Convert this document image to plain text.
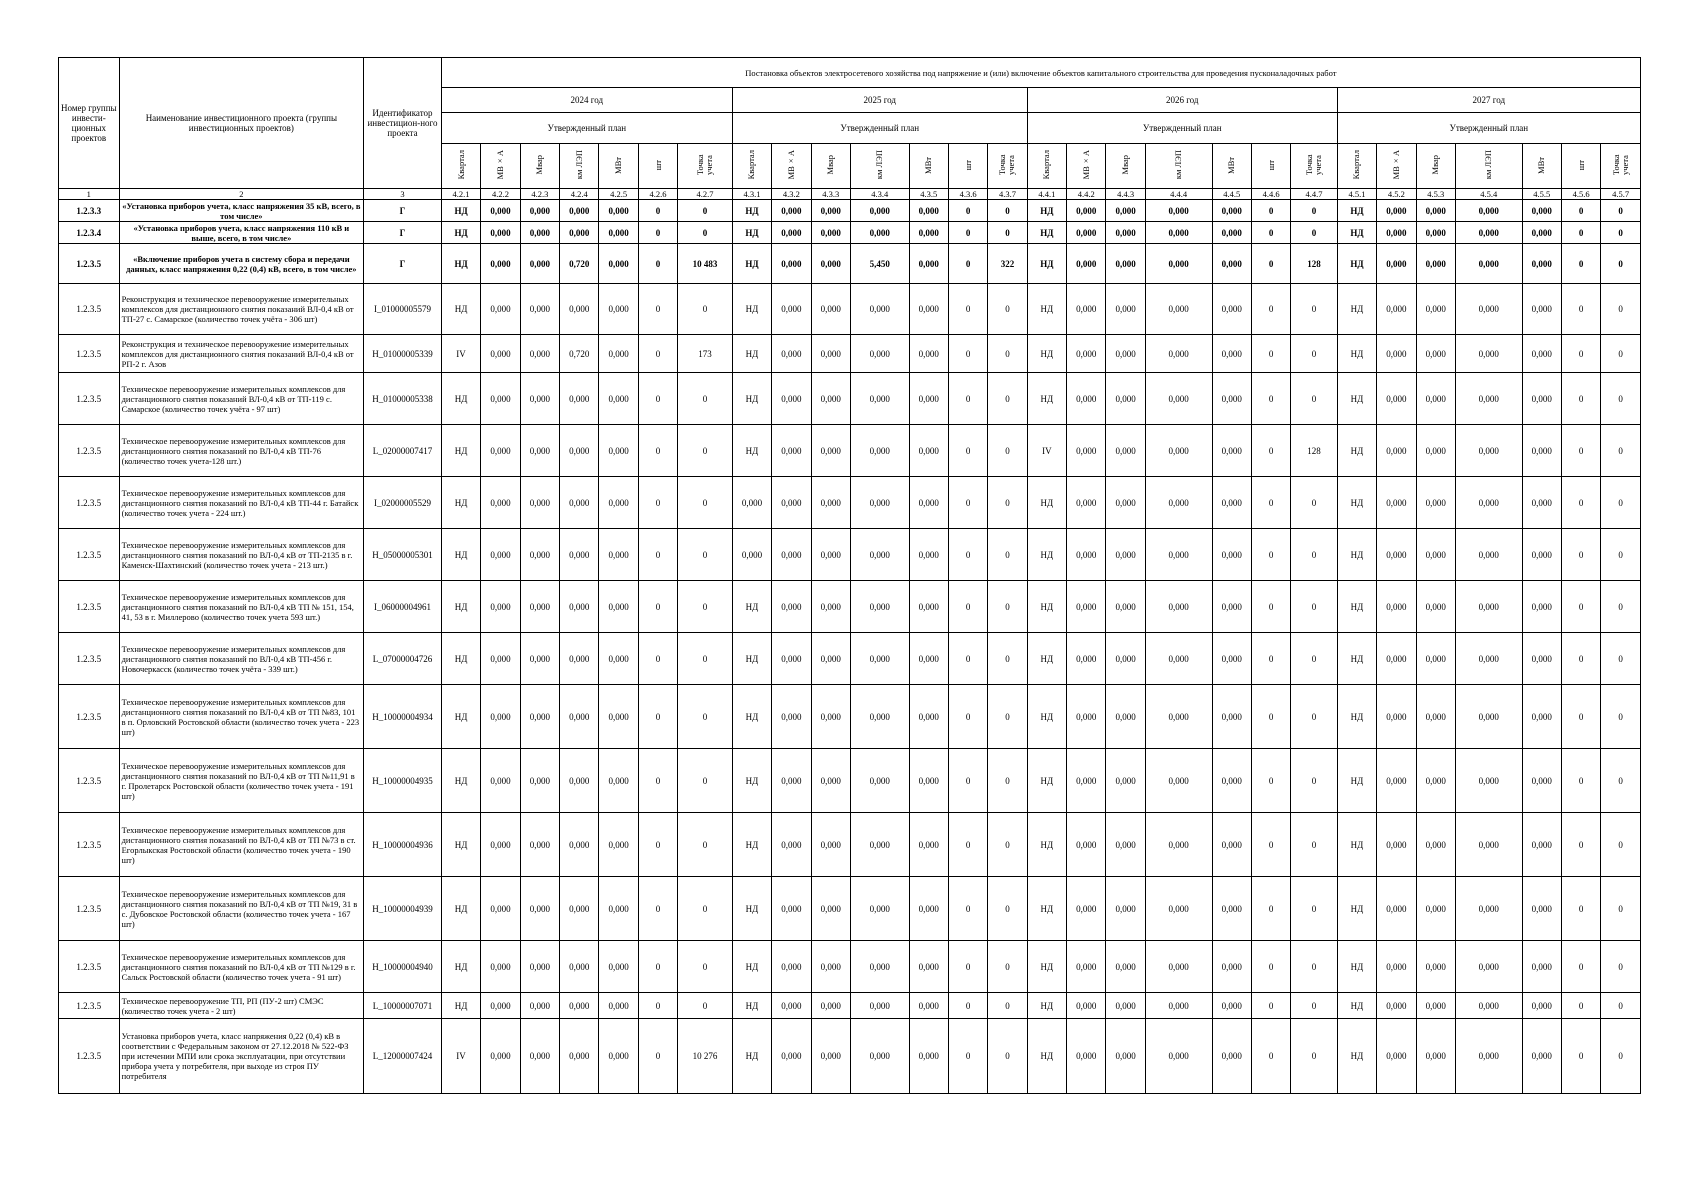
Номер группы инвести-ционных проектов	Наименование инвестиционного проекта (группы инвестиционных проектов)	Идентификатор инвестицион-ного проекта	Постановка объектов электросетевого хозяйства под напряжение и (или) включение объектов капитального строительства для проведения пусконаладочных работ																											
			2024 год							2025 год							2026 год							2027 год						
			Утвержденный план							Утвержденный план							Утвержденный план							Утвержденный план						
			Квартал	МВ×А	Мвар	км ЛЭП	МВт	шт	Точка учета	Квартал	МВ×А	Мвар	км ЛЭП	МВт	шт	Точка учета	Квартал	МВ×А	Мвар	км ЛЭП	МВт	шт	Точка учета	Квартал	МВ×А	Мвар	км ЛЭП	МВт	шт	Точка учета
1	2	3	4.2.1	4.2.2	4.2.3	4.2.4	4.2.5	4.2.6	4.2.7	4.3.1	4.3.2	4.3.3	4.3.4	4.3.5	4.3.6	4.3.7	4.4.1	4.4.2	4.4.3	4.4.4	4.4.5	4.4.6	4.4.7	4.5.1	4.5.2	4.5.3	4.5.4	4.5.5	4.5.6	4.5.7
1.2.3.3	«Установка приборов учета, класс напряжения 35 кВ, всего, в том числе»	Г	НД	0,000	0,000	0,000	0,000	0	0	НД	0,000	0,000	0,000	0,000	0	0	НД	0,000	0,000	0,000	0,000	0	0	НД	0,000	0,000	0,000	0,000	0	0
1.2.3.4	«Установка приборов учета, класс напряжения 110 кВ и выше, всего, в том числе»	Г	НД	0,000	0,000	0,000	0,000	0	0	НД	0,000	0,000	0,000	0,000	0	0	НД	0,000	0,000	0,000	0,000	0	0	НД	0,000	0,000	0,000	0,000	0	0
1.2.3.5	«Включение приборов учета в систему сбора и передачи данных, класс напряжения 0,22 (0,4) кВ, всего, в том числе»	Г	НД	0,000	0,000	0,720	0,000	0	10 483	НД	0,000	0,000	5,450	0,000	0	322	НД	0,000	0,000	0,000	0,000	0	128	НД	0,000	0,000	0,000	0,000	0	0
1.2.3.5	Реконструкция и техническое перевооружение измерительных комплексов для дистанционного снятия показаний ВЛ-0,4 кВ от ТП-27 с. Самарское (количество точек учёта - 306 шт)	I_01000005579	НД	0,000	0,000	0,000	0,000	0	0	НД	0,000	0,000	0,000	0,000	0	0	НД	0,000	0,000	0,000	0,000	0	0	НД	0,000	0,000	0,000	0,000	0	0
1.2.3.5	Реконструкция и техническое перевооружение измерительных комплексов для дистанционного снятия показаний ВЛ-0,4 кВ от РП-2 г. Азов	H_01000005339	IV	0,000	0,000	0,720	0,000	0	173	НД	0,000	0,000	0,000	0,000	0	0	НД	0,000	0,000	0,000	0,000	0	0	НД	0,000	0,000	0,000	0,000	0	0
1.2.3.5	Техническое перевооружение измерительных комплексов для дистанционного снятия показаний ВЛ-0,4 кВ от ТП-119 с. Самарское (количество точек учёта - 97 шт)	H_01000005338	НД	0,000	0,000	0,000	0,000	0	0	НД	0,000	0,000	0,000	0,000	0	0	НД	0,000	0,000	0,000	0,000	0	0	НД	0,000	0,000	0,000	0,000	0	0
1.2.3.5	Техническое перевооружение измерительных комплексов для дистанционного снятия показаний по ВЛ-0,4 кВ ТП-76 (количество точек учета-128 шт.)	L_02000007417	НД	0,000	0,000	0,000	0,000	0	0	НД	0,000	0,000	0,000	0,000	0	0	IV	0,000	0,000	0,000	0,000	0	128	НД	0,000	0,000	0,000	0,000	0	0
1.2.3.5	Техническое перевооружение измерительных комплексов для дистанционного снятия показаний по ВЛ-0,4 кВ ТП-44 г. Батайск (количество точек учета - 224 шт.)	I_02000005529	НД	0,000	0,000	0,000	0,000	0	0	0,000	0,000	0,000	0,000	0,000	0	0	НД	0,000	0,000	0,000	0,000	0	0	НД	0,000	0,000	0,000	0,000	0	0
1.2.3.5	Техническое перевооружение измерительных комплексов для дистанционного снятия показаний по ВЛ-0,4 кВ от ТП-2135 в г. Каменск-Шахтинский (количество точек учета - 213 шт.)	H_05000005301	НД	0,000	0,000	0,000	0,000	0	0	0,000	0,000	0,000	0,000	0,000	0	0	НД	0,000	0,000	0,000	0,000	0	0	НД	0,000	0,000	0,000	0,000	0	0
1.2.3.5	Техническое перевооружение измерительных комплексов для дистанционного снятия показаний по ВЛ-0,4 кВ ТП № 151, 154, 41, 53 в г. Миллерово (количество точек учета 593 шт.)	I_06000004961	НД	0,000	0,000	0,000	0,000	0	0	НД	0,000	0,000	0,000	0,000	0	0	НД	0,000	0,000	0,000	0,000	0	0	НД	0,000	0,000	0,000	0,000	0	0
1.2.3.5	Техническое перевооружение измерительных комплексов для дистанционного снятия показаний по ВЛ-0,4 кВ ТП-456 г. Новочеркасск (количество точек учёта - 339 шт.)	L_07000004726	НД	0,000	0,000	0,000	0,000	0	0	НД	0,000	0,000	0,000	0,000	0	0	НД	0,000	0,000	0,000	0,000	0	0	НД	0,000	0,000	0,000	0,000	0	0
1.2.3.5	Техническое перевооружение измерительных комплексов для дистанционного снятия показаний по ВЛ-0,4 кВ от ТП №83, 101 в п. Орловский Ростовской области (количество точек учета - 223 шт)	H_10000004934	НД	0,000	0,000	0,000	0,000	0	0	НД	0,000	0,000	0,000	0,000	0	0	НД	0,000	0,000	0,000	0,000	0	0	НД	0,000	0,000	0,000	0,000	0	0
1.2.3.5	Техническое перевооружение измерительных комплексов для дистанционного снятия показаний по ВЛ-0,4 кВ от ТП №11,91 в г. Пролетарск Ростовской области (количество точек учета - 191 шт)	H_10000004935	НД	0,000	0,000	0,000	0,000	0	0	НД	0,000	0,000	0,000	0,000	0	0	НД	0,000	0,000	0,000	0,000	0	0	НД	0,000	0,000	0,000	0,000	0	0
1.2.3.5	Техническое перевооружение измерительных комплексов для дистанционного снятия показаний по ВЛ-0,4 кВ от ТП №73 в ст. Егорлыкская Ростовской области (количество точек учета - 190 шт)	H_10000004936	НД	0,000	0,000	0,000	0,000	0	0	НД	0,000	0,000	0,000	0,000	0	0	НД	0,000	0,000	0,000	0,000	0	0	НД	0,000	0,000	0,000	0,000	0	0
1.2.3.5	Техническое перевооружение измерительных комплексов для дистанционного снятия показаний по ВЛ-0,4 кВ от ТП №19, 31 в с. Дубовское Ростовской области (количество точек учета - 167 шт)	H_10000004939	НД	0,000	0,000	0,000	0,000	0	0	НД	0,000	0,000	0,000	0,000	0	0	НД	0,000	0,000	0,000	0,000	0	0	НД	0,000	0,000	0,000	0,000	0	0
1.2.3.5	Техническое перевооружение измерительных комплексов для дистанционного снятия показаний по ВЛ-0,4 кВ от ТП №129 в г. Сальск Ростовской области (количество точек учета - 91 шт)	H_10000004940	НД	0,000	0,000	0,000	0,000	0	0	НД	0,000	0,000	0,000	0,000	0	0	НД	0,000	0,000	0,000	0,000	0	0	НД	0,000	0,000	0,000	0,000	0	0
1.2.3.5	Техническое перевооружение ТП, РП (ПУ-2 шт) СМЭС (количество точек учета - 2 шт)	L_10000007071	НД	0,000	0,000	0,000	0,000	0	0	НД	0,000	0,000	0,000	0,000	0	0	НД	0,000	0,000	0,000	0,000	0	0	НД	0,000	0,000	0,000	0,000	0	0
1.2.3.5	Установка приборов учета, класс напряжения 0,22 (0,4) кВ в соответствии с Федеральным законом от 27.12.2018 № 522-ФЗ при истечении МПИ или срока эксплуатации, при отсутствии прибора учета у потребителя, при выходе из строя ПУ потребителя	L_12000007424	IV	0,000	0,000	0,000	0,000	0	10 276	НД	0,000	0,000	0,000	0,000	0	0	НД	0,000	0,000	0,000	0,000	0	0	НД	0,000	0,000	0,000	0,000	0	0
